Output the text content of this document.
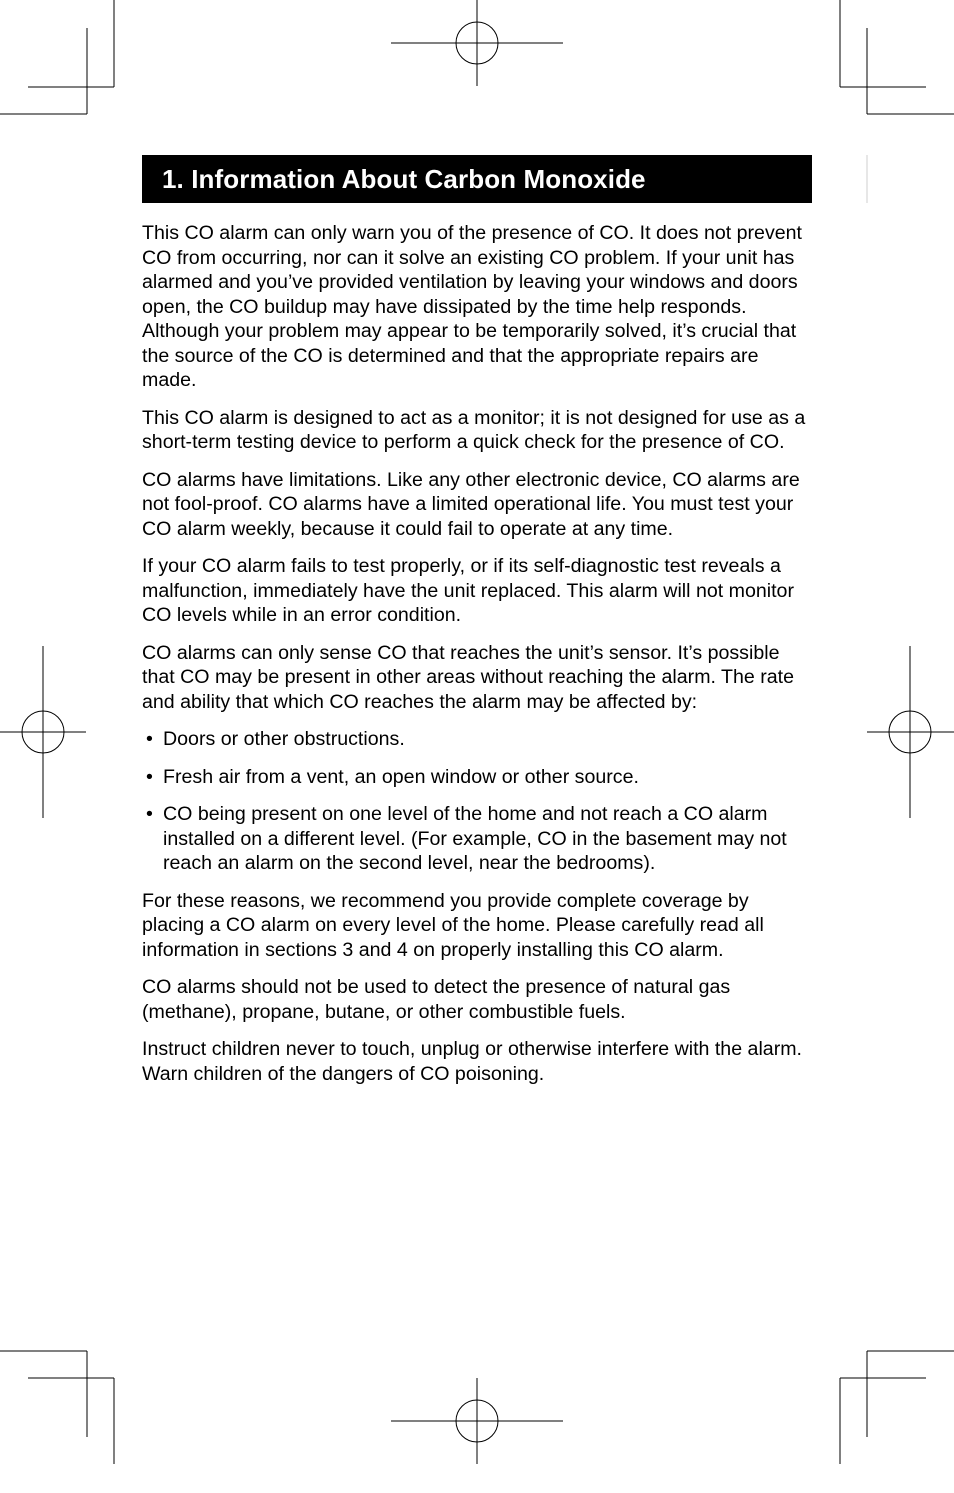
1. Information About Carbon Monoxide

This CO alarm can only warn you of the presence of CO. It does not prevent CO from occurring, nor can it solve an existing CO problem. If your unit has alarmed and you’ve provided ventilation by leaving your windows and doors open, the CO buildup may have dissipated by the time help responds. Although your problem may appear to be temporarily solved, it’s crucial that the source of the CO is determined and that the appropriate repairs are made.

This CO alarm is designed to act as a monitor; it is not designed for use as a short-term testing device to perform a quick check for the presence of CO.

CO alarms have limitations. Like any other electronic device, CO alarms are not fool-proof. CO alarms have a limited operational life. You must test your CO alarm weekly, because it could fail to operate at any time.

If your CO alarm fails to test properly, or if its self-diagnostic test reveals a malfunction, immediately have the unit replaced. This alarm will not monitor CO levels while in an error condition.

CO alarms can only sense CO that reaches the unit’s sensor. It’s possible that CO may be present in other areas without reaching the alarm. The rate and ability that which CO reaches the alarm may be affected by:

• Doors or other obstructions.
• Fresh air from a vent, an open window or other source.
• CO being present on one level of the home and not reach a CO alarm installed on a different level. (For example, CO in the basement may not reach an alarm on the second level, near the bedrooms).

For these reasons, we recommend you provide complete coverage by placing a CO alarm on every level of the home. Please carefully read all information in sections 3 and 4 on properly installing this CO alarm.

CO alarms should not be used to detect the presence of natural gas (methane), propane, butane, or other combustible fuels.

Instruct children never to touch, unplug or otherwise interfere with the alarm. Warn children of the dangers of CO poisoning.
